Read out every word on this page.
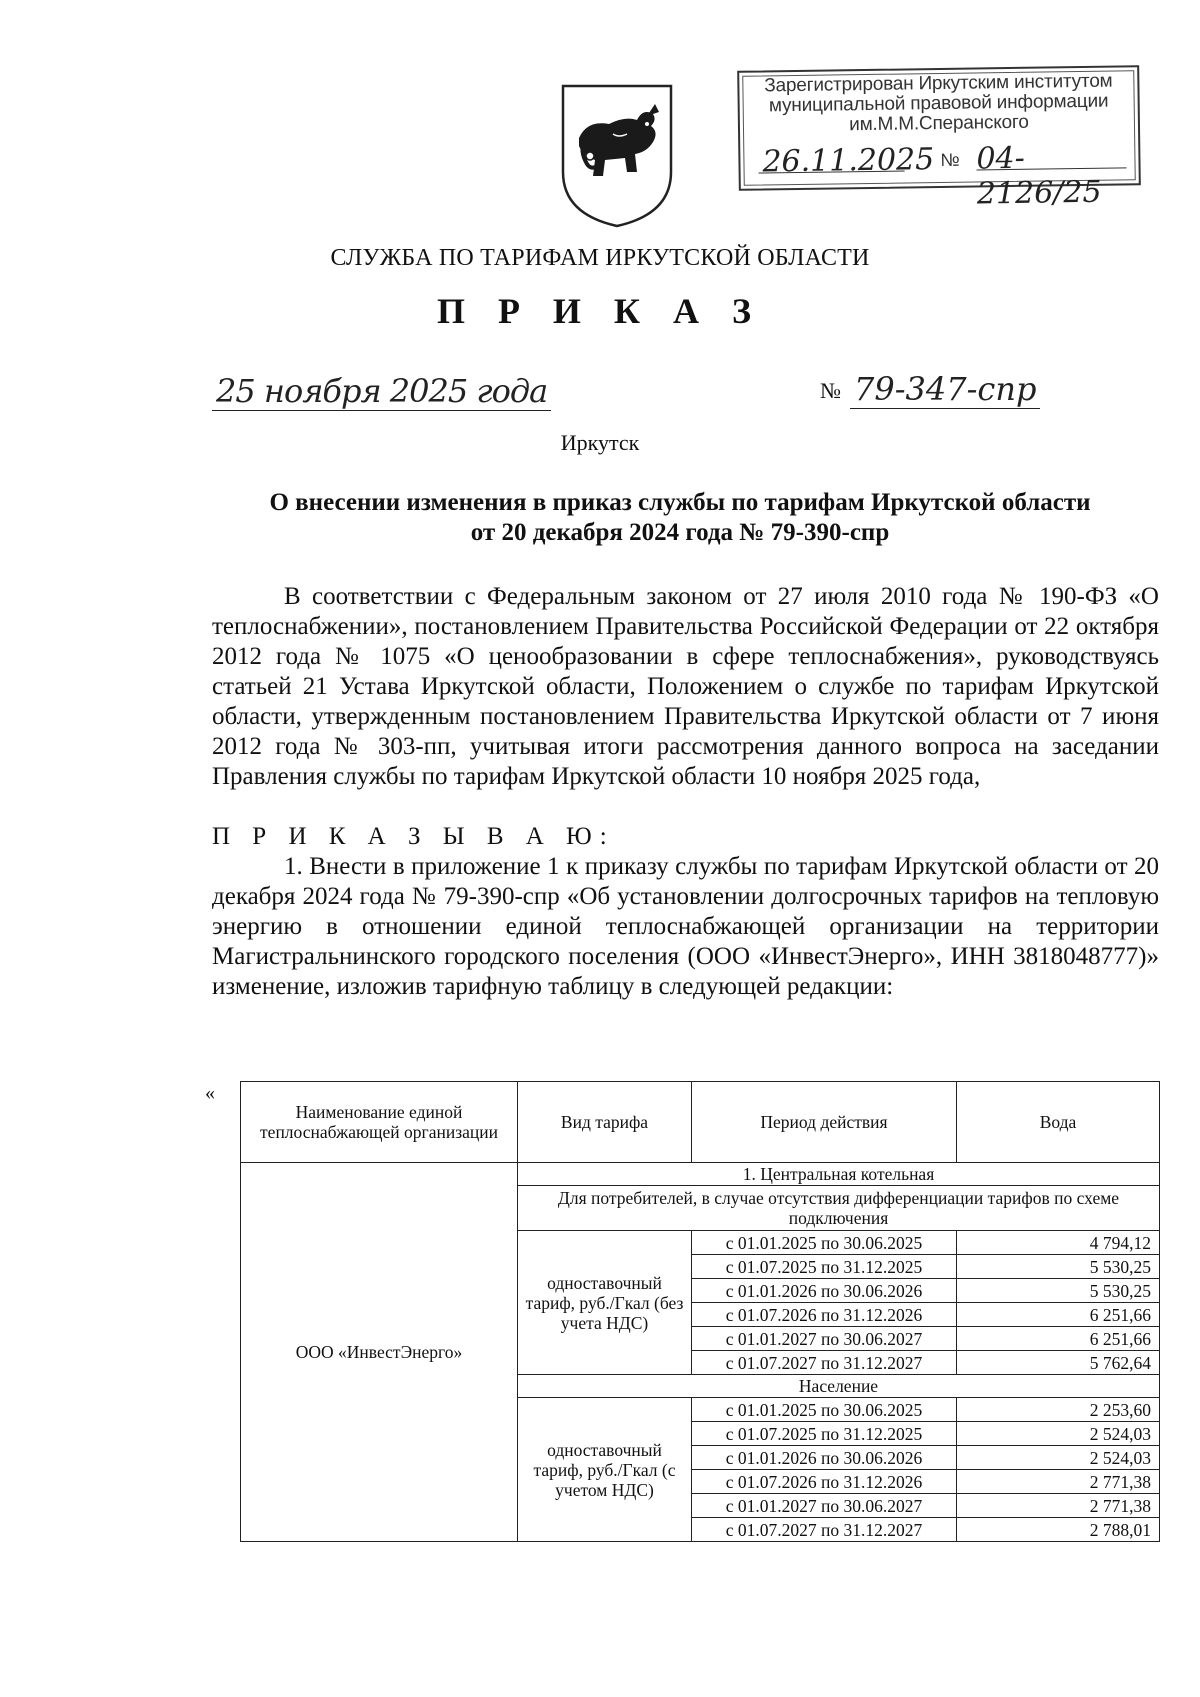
Зарегистрирован Иркутским институтом
муниципальной правовой информации
им.М.М.Сперанского
26.11.2025 № 04-2126/25
СЛУЖБА ПО ТАРИФАМ ИРКУТСКОЙ ОБЛАСТИ
П Р И К А З
25 ноября 2025 года	№ 79-347-спр
Иркутск
О внесении изменения в приказ службы по тарифам Иркутской области
от 20 декабря 2024 года № 79-390-спр
В соответствии с Федеральным законом от 27 июля 2010 года № 190-ФЗ «О теплоснабжении», постановлением Правительства Российской Федерации от 22 октября 2012 года № 1075 «О ценообразовании в сфере теплоснабжения», руководствуясь статьей 21 Устава Иркутской области, Положением о службе по тарифам Иркутской области, утвержденным постановлением Правительства Иркутской области от 7 июня 2012 года № 303-пп, учитывая итоги рассмотрения данного вопроса на заседании Правления службы по тарифам Иркутской области 10 ноября 2025 года,
П Р И К А З Ы В А Ю:
1. Внести в приложение 1 к приказу службы по тарифам Иркутской области от 20 декабря 2024 года № 79-390-спр «Об установлении долгосрочных тарифов на тепловую энергию в отношении единой теплоснабжающей организации на территории Магистральнинского городского поселения (ООО «ИнвестЭнерго», ИНН 3818048777)» изменение, изложив тарифную таблицу в следующей редакции:
«
Наименование единой теплоснабжающей организации	Вид тарифа	Период действия	Вода
ООО «ИнвестЭнерго»	1. Центральная котельная		
	Для потребителей, в случае отсутствия дифференциации тарифов по схеме подключения		
	одноставочный тариф, руб./Гкал (без учета НДС)	с 01.01.2025 по 30.06.2025	4 794,12
		с 01.07.2025 по 31.12.2025	5 530,25
		с 01.01.2026 по 30.06.2026	5 530,25
		с 01.07.2026 по 31.12.2026	6 251,66
		с 01.01.2027 по 30.06.2027	6 251,66
		с 01.07.2027 по 31.12.2027	5 762,64
	Население		
	одноставочный тариф, руб./Гкал (с учетом НДС)	с 01.01.2025 по 30.06.2025	2 253,60
		с 01.07.2025 по 31.12.2025	2 524,03
		с 01.01.2026 по 30.06.2026	2 524,03
		с 01.07.2026 по 31.12.2026	2 771,38
		с 01.01.2027 по 30.06.2027	2 771,38
		с 01.07.2027 по 31.12.2027	2 788,01
